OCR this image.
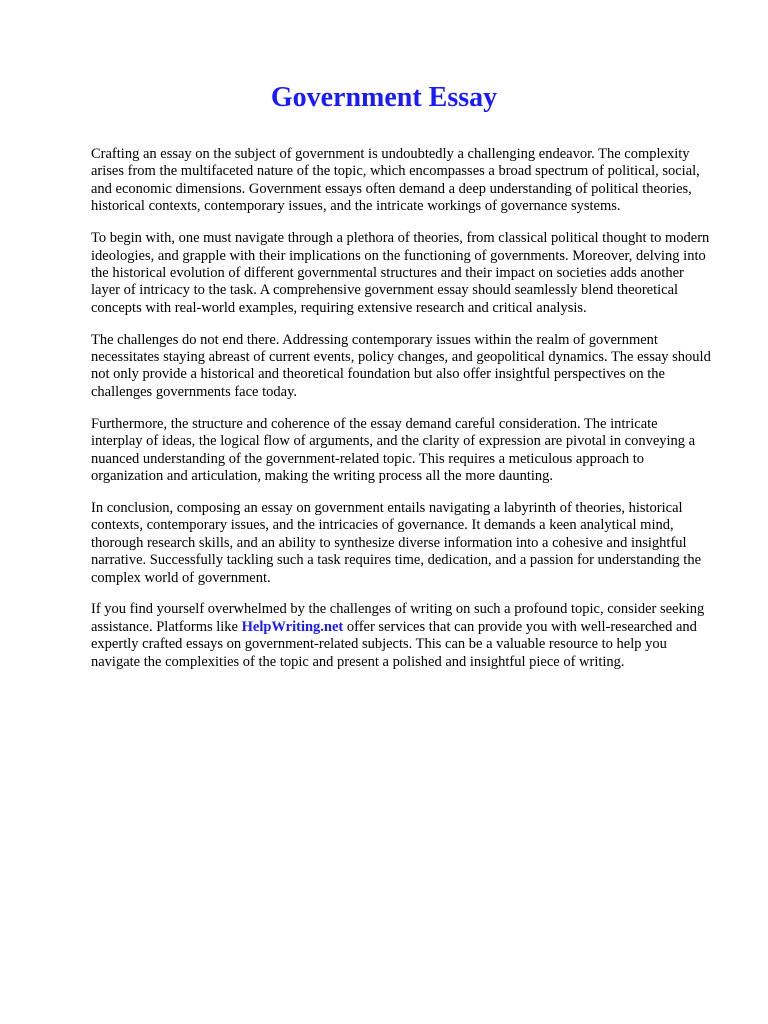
Government Essay

Crafting an essay on the subject of government is undoubtedly a challenging endeavor. The complexity arises from the multifaceted nature of the topic, which encompasses a broad spectrum of political, social, and economic dimensions. Government essays often demand a deep understanding of political theories, historical contexts, contemporary issues, and the intricate workings of governance systems.

To begin with, one must navigate through a plethora of theories, from classical political thought to modern ideologies, and grapple with their implications on the functioning of governments. Moreover, delving into the historical evolution of different governmental structures and their impact on societies adds another layer of intricacy to the task. A comprehensive government essay should seamlessly blend theoretical concepts with real-world examples, requiring extensive research and critical analysis.

The challenges do not end there. Addressing contemporary issues within the realm of government necessitates staying abreast of current events, policy changes, and geopolitical dynamics. The essay should not only provide a historical and theoretical foundation but also offer insightful perspectives on the challenges governments face today.

Furthermore, the structure and coherence of the essay demand careful consideration. The intricate interplay of ideas, the logical flow of arguments, and the clarity of expression are pivotal in conveying a nuanced understanding of the government-related topic. This requires a meticulous approach to organization and articulation, making the writing process all the more daunting.

In conclusion, composing an essay on government entails navigating a labyrinth of theories, historical contexts, contemporary issues, and the intricacies of governance. It demands a keen analytical mind, thorough research skills, and an ability to synthesize diverse information into a cohesive and insightful narrative. Successfully tackling such a task requires time, dedication, and a passion for understanding the complex world of government.

If you find yourself overwhelmed by the challenges of writing on such a profound topic, consider seeking assistance. Platforms like HelpWriting.net offer services that can provide you with well-researched and expertly crafted essays on government-related subjects. This can be a valuable resource to help you navigate the complexities of the topic and present a polished and insightful piece of writing.
